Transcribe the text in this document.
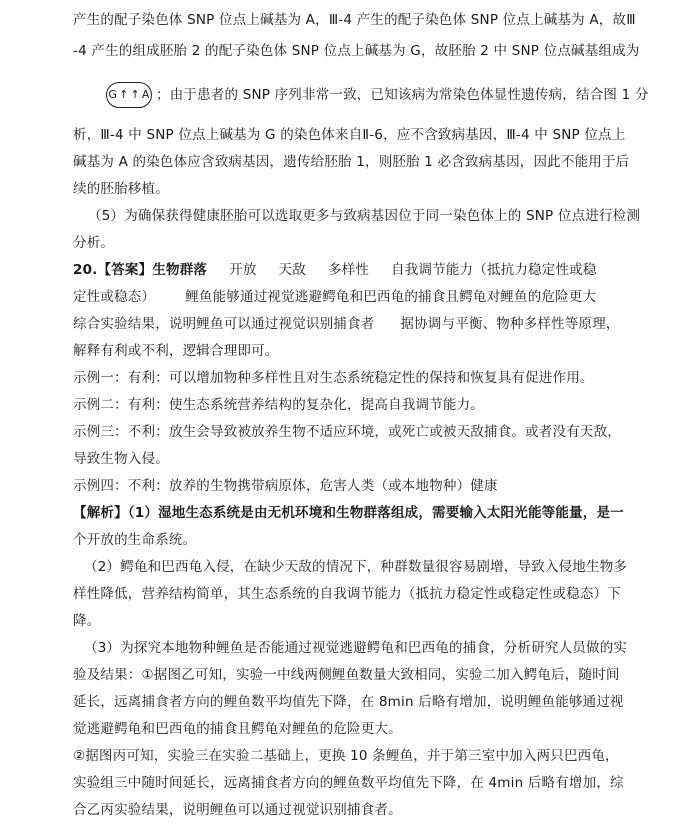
产生的配子染色体 SNP 位点上碱基为 A，Ⅲ-4 产生的配子染色体 SNP 位点上碱基为 A，故Ⅲ
-4 产生的组成胚胎 2 的配子染色体 SNP 位点上碱基为 G，故胚胎 2 中 SNP 位点碱基组成为
G ↑ ↑ A ；由于患者的 SNP 序列非常一致，已知该病为常染色体显性遗传病，结合图 1 分
析，Ⅲ-4 中 SNP 位点上碱基为 G 的染色体来自Ⅱ-6，应不含致病基因，Ⅲ-4 中 SNP 位点上
碱基为 A 的染色体应含致病基因，遗传给胚胎 1，则胚胎 1 必含致病基因，因此不能用于后
续的胚胎移植。
（5）为确保获得健康胚胎可以选取更多与致病基因位于同一染色体上的 SNP 位点进行检测
分析。
20.【答案】生物群落 开放 天敌 多样性 自我调节能力（抵抗力稳定性或稳
定性或稳态） 鲤鱼能够通过视觉逃避鳄龟和巴西龟的捕食且鳄龟对鲤鱼的危险更大
综合实验结果，说明鲤鱼可以通过视觉识别捕食者 据协调与平衡、物种多样性等原理，
解释有利或不利，逻辑合理即可。
示例一：有利：可以增加物种多样性且对生态系统稳定性的保持和恢复具有促进作用。
示例二：有利：使生态系统营养结构的复杂化，提高自我调节能力。
示例三：不利：放生会导致被放养生物不适应环境，或死亡或被天敌捕食。或者没有天敌，
导致生物入侵。
示例四：不利：放养的生物携带病原体，危害人类（或本地物种）健康
【解析】（1）湿地生态系统是由无机环境和生物群落组成，需要输入太阳光能等能量，是一
个开放的生命系统。
（2）鳄龟和巴西龟入侵，在缺少天敌的情况下，种群数量很容易剧增，导致入侵地生物多
样性降低，营养结构简单，其生态系统的自我调节能力（抵抗力稳定性或稳定性或稳态）下
降。
（3）为探究本地物种鲤鱼是否能通过视觉逃避鳄龟和巴西龟的捕食，分析研究人员做的实
验及结果：①据图乙可知，实验一中线两侧鲤鱼数量大致相同，实验二加入鳄龟后，随时间
延长，远离捕食者方向的鲤鱼数平均值先下降，在 8min 后略有增加，说明鲤鱼能够通过视
觉逃避鳄龟和巴西龟的捕食且鳄龟对鲤鱼的危险更大。
②据图丙可知，实验三在实验二基础上，更换 10 条鲤鱼，并于第三室中加入两只巴西龟，
实验组三中随时间延长，远离捕食者方向的鲤鱼数平均值先下降，在 4min 后略有增加，综
合乙丙实验结果，说明鲤鱼可以通过视觉识别捕食者。
